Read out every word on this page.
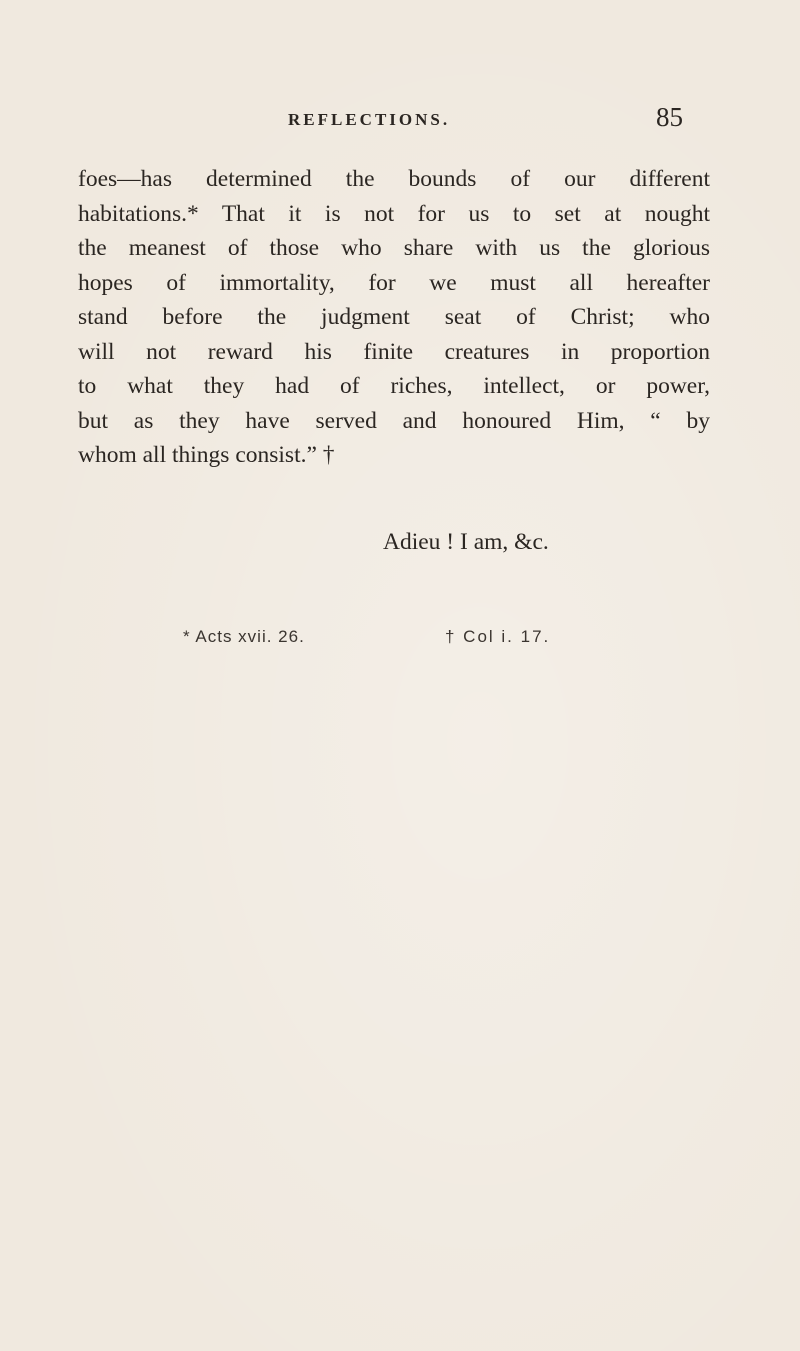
REFLECTIONS.	85
foes—has determined the bounds of our different
habitations.* That it is not for us to set at nought
the meanest of those who share with us the glorious
hopes of immortality, for we must all hereafter
stand before the judgment seat of Christ; who
will not reward his finite creatures in proportion
to what they had of riches, intellect, or power,
but as they have served and honoured Him, “ by
whom all things consist.” †
Adieu ! I am, &c.
* Acts xvii. 26.	† Col i. 17.
